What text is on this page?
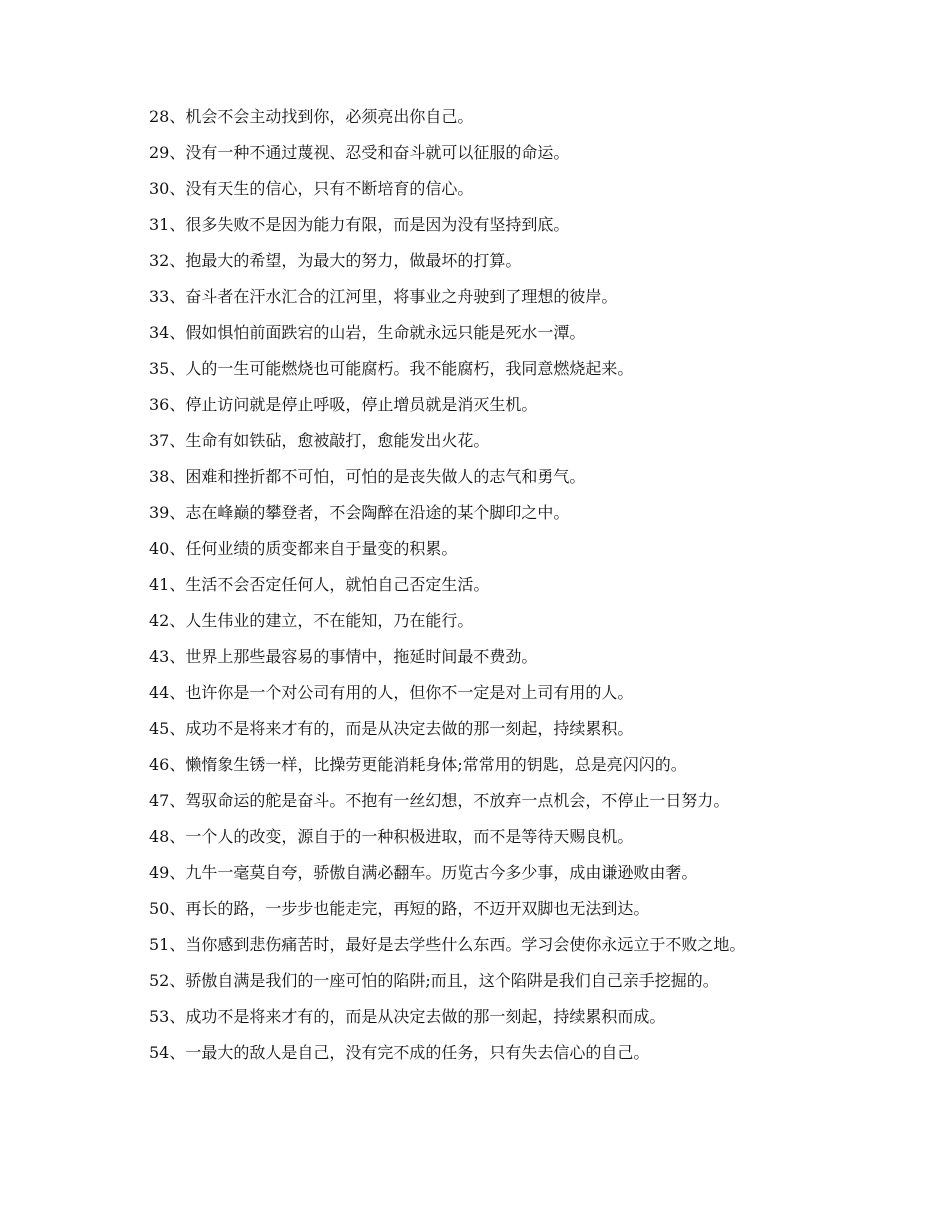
28、机会不会主动找到你，必须亮出你自己。

29、没有一种不通过蔑视、忍受和奋斗就可以征服的命运。

30、没有天生的信心，只有不断培育的信心。

31、很多失败不是因为能力有限，而是因为没有坚持到底。

32、抱最大的希望，为最大的努力，做最坏的打算。

33、奋斗者在汗水汇合的江河里，将事业之舟驶到了理想的彼岸。

34、假如惧怕前面跌宕的山岩，生命就永远只能是死水一潭。

35、人的一生可能燃烧也可能腐朽。我不能腐朽，我同意燃烧起来。

36、停止访问就是停止呼吸，停止增员就是消灭生机。

37、生命有如铁砧，愈被敲打，愈能发出火花。

38、困难和挫折都不可怕，可怕的是丧失做人的志气和勇气。

39、志在峰巅的攀登者，不会陶醉在沿途的某个脚印之中。

40、任何业绩的质变都来自于量变的积累。

41、生活不会否定任何人，就怕自己否定生活。

42、人生伟业的建立，不在能知，乃在能行。

43、世界上那些最容易的事情中，拖延时间最不费劲。

44、也许你是一个对公司有用的人，但你不一定是对上司有用的人。

45、成功不是将来才有的，而是从决定去做的那一刻起，持续累积。

46、懒惰象生锈一样，比操劳更能消耗身体;常常用的钥匙，总是亮闪闪的。

47、驾驭命运的舵是奋斗。不抱有一丝幻想，不放弃一点机会，不停止一日努力。

48、一个人的改变，源自于的一种积极进取，而不是等待天赐良机。

49、九牛一毫莫自夸，骄傲自满必翻车。历览古今多少事，成由谦逊败由奢。

50、再长的路，一步步也能走完，再短的路，不迈开双脚也无法到达。

51、当你感到悲伤痛苦时，最好是去学些什么东西。学习会使你永远立于不败之地。

52、骄傲自满是我们的一座可怕的陷阱;而且，这个陷阱是我们自己亲手挖掘的。

53、成功不是将来才有的，而是从决定去做的那一刻起，持续累积而成。

54、一最大的敌人是自己，没有完不成的任务，只有失去信心的自己。
